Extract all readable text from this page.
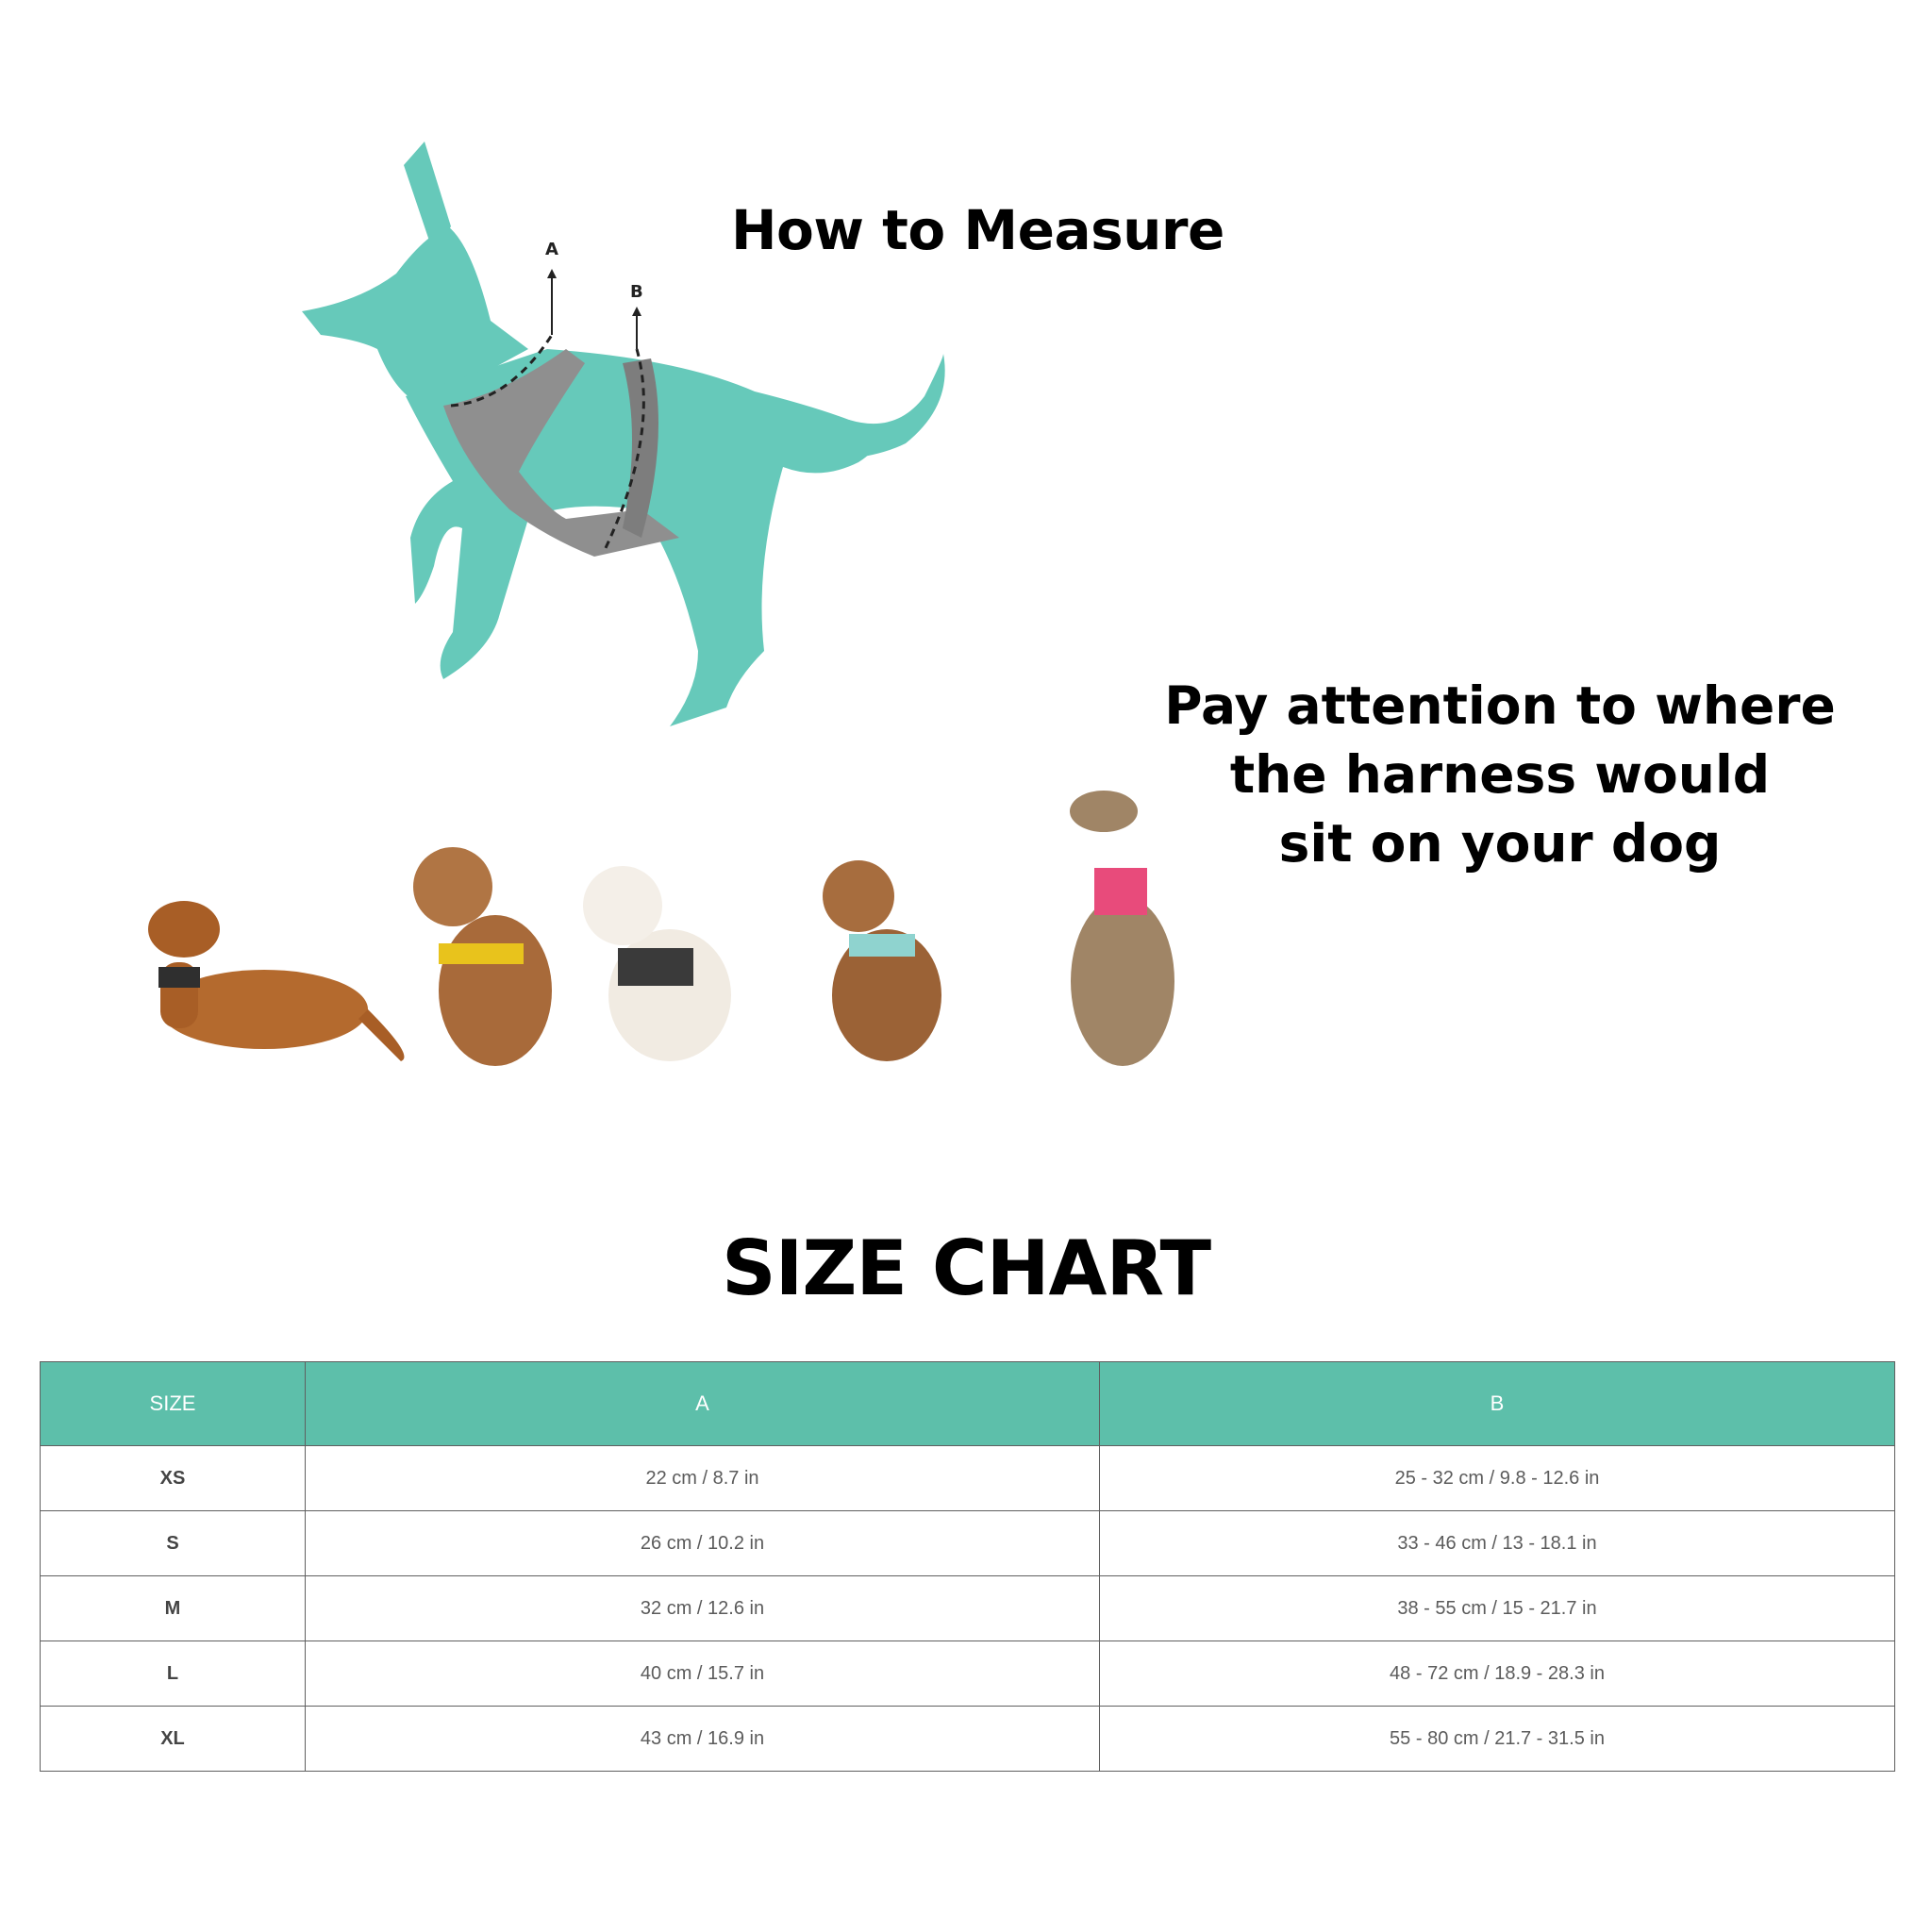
A
B
How to Measure
Pay attention to where
the harness would
sit on your dog
SIZE CHART
SIZE	A	B
XS	22 cm / 8.7 in	25 - 32 cm / 9.8 - 12.6 in
S	26 cm / 10.2 in	33 - 46 cm / 13 - 18.1 in
M	32 cm / 12.6 in	38 - 55 cm / 15 - 21.7 in
L	40 cm / 15.7 in	48 - 72 cm / 18.9 - 28.3 in
XL	43 cm / 16.9 in	55 - 80 cm / 21.7 - 31.5 in
